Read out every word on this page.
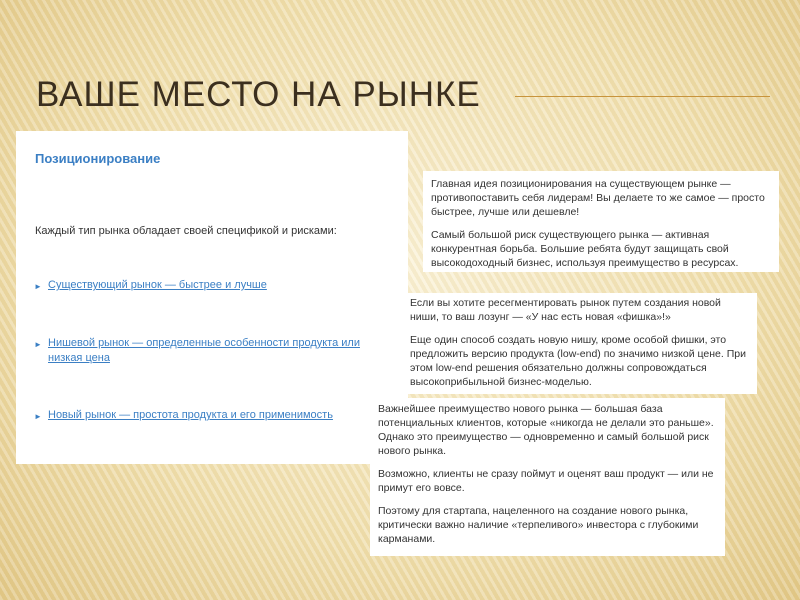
ВАШЕ МЕСТО НА РЫНКЕ
Позиционирование
Каждый тип рынка обладает своей спецификой и рисками:
► Существующий рынок — быстрее и лучше
► Нишевой рынок — определенные особенности продукта или низкая цена
► Новый рынок — простота продукта и его применимость

Главная идея позиционирования на существующем рынке — противопоставить себя лидерам! Вы делаете то же самое — просто быстрее, лучше или дешевле!

Самый большой риск существующего рынка — активная конкурентная борьба. Большие ребята будут защищать свой высокодоходный бизнес, используя преимущество в ресурсах.

Если вы хотите ресегментировать рынок путем создания новой ниши, то ваш лозунг — «У нас есть новая «фишка»!»

Еще один способ создать новую нишу, кроме особой фишки, это предложить версию продукта (low-end) по значимо низкой цене. При этом low-end решения обязательно должны сопровождаться высокоприбыльной бизнес-моделью.

Важнейшее преимущество нового рынка — большая база потенциальных клиентов, которые «никогда не делали это раньше». Однако это преимущество — одновременно и самый большой риск нового рынка.

Возможно, клиенты не сразу поймут и оценят ваш продукт — или не примут его вовсе.

Поэтому для стартапа, нацеленного на создание нового рынка, критически важно наличие «терпеливого» инвестора с глубокими карманами.
